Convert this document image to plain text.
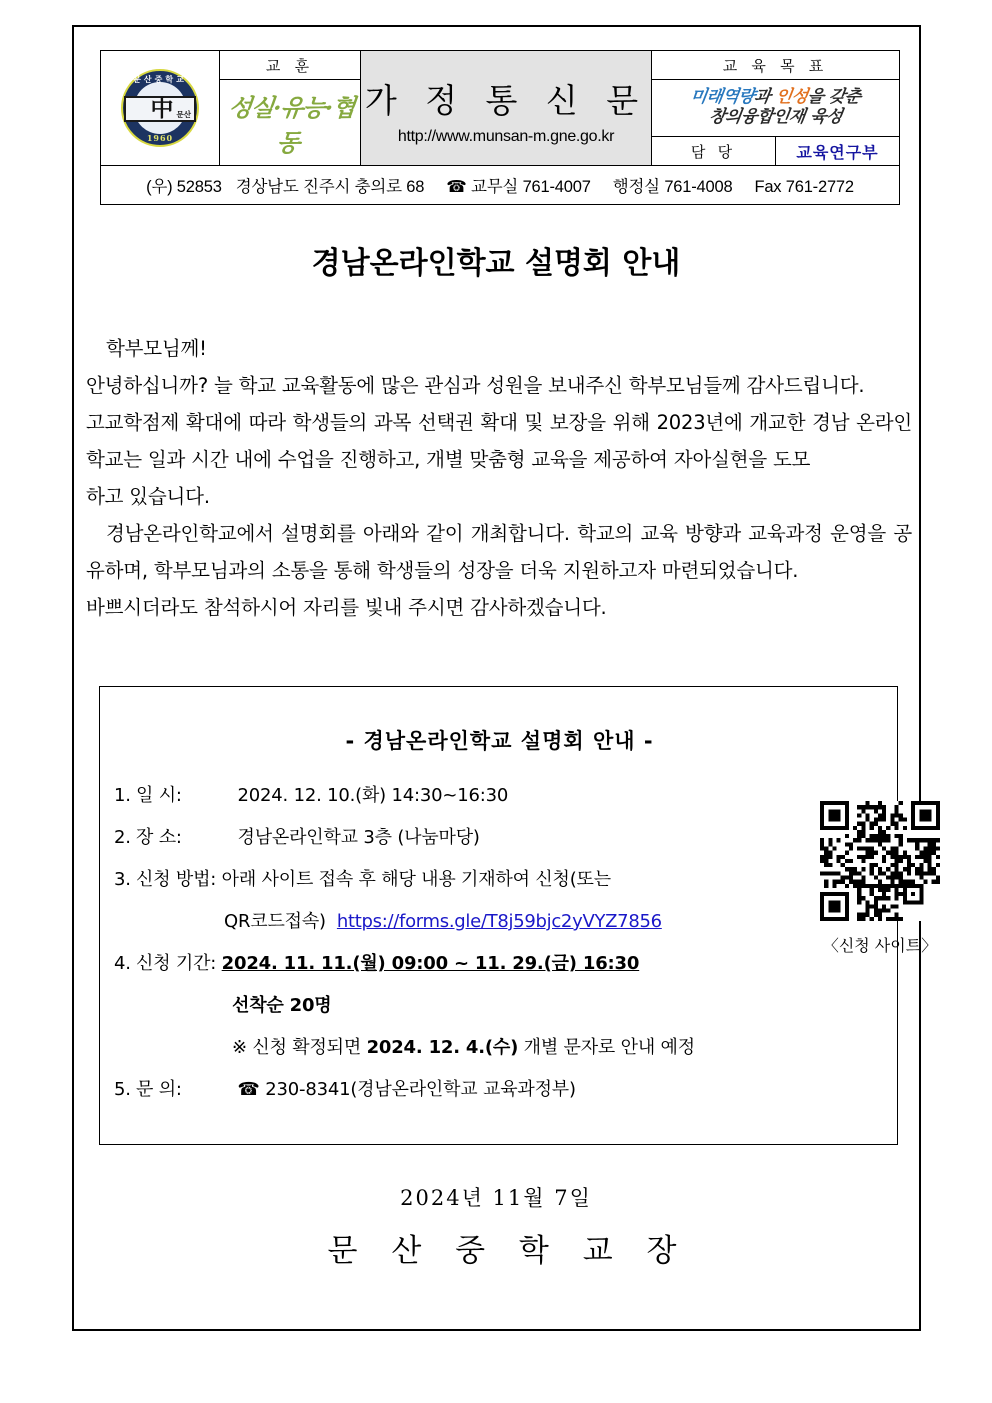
문산중학교
中 문산
1960
	교 훈	
가 정 통 신 문
http://www.munsan-m.gne.go.kr
	교 육 목 표
	성실·유능·협동		미래역량과 인성을 갖춘
창의융합인재 육성	

			담 당	교육연구부
(우) 52853 경상남도 진주시 충의로 68 ☎ 교무실 761-4007 행정실 761-4008 Fax 761-2772				
경남온라인학교 설명회 안내

학부모님께!

안녕하십니까? 늘 학교 교육활동에 많은 관심과 성원을 보내주신 학부모님들께 감사드립니다.

고교학점제 확대에 따라 학생들의 과목 선택권 확대 및 보장을 위해 2023년에 개교한 경남 온라인학교는 일과 시간 내에 수업을 진행하고, 개별 맞춤형 교육을 제공하여 자아실현을 도모

하고 있습니다.

경남온라인학교에서 설명회를 아래와 같이 개최합니다. 학교의 교육 방향과 교육과정 운영을 공유하며, 학부모님과의 소통을 통해 학생들의 성장을 더욱 지원하고자 마련되었습니다.

바쁘시더라도 참석하시어 자리를 빛내 주시면 감사하겠습니다.

- 경남온라인학교 설명회 안내 -
1. 일 시:	2024. 12. 10.(화) 14:30~16:30
2. 장 소:	경남온라인학교 3층 (나눔마당)
3. 신청 방법: 아래 사이트 접속 후 해당 내용 기재하여 신청(또는
QR코드접속) https://forms.gle/T8j59bjc2yVYZ7856
4. 신청 기간: 2024. 11. 11.(월) 09:00 ~ 11. 29.(금) 16:30
선착순 20명
※ 신청 확정되면 2024. 12. 4.(수) 개별 문자로 안내 예정
5. 문 의:	☎ 230-8341(경남온라인학교 교육과정부)
〈신청 사이트〉
2024년 11월 7일
문 산 중 학 교 장
